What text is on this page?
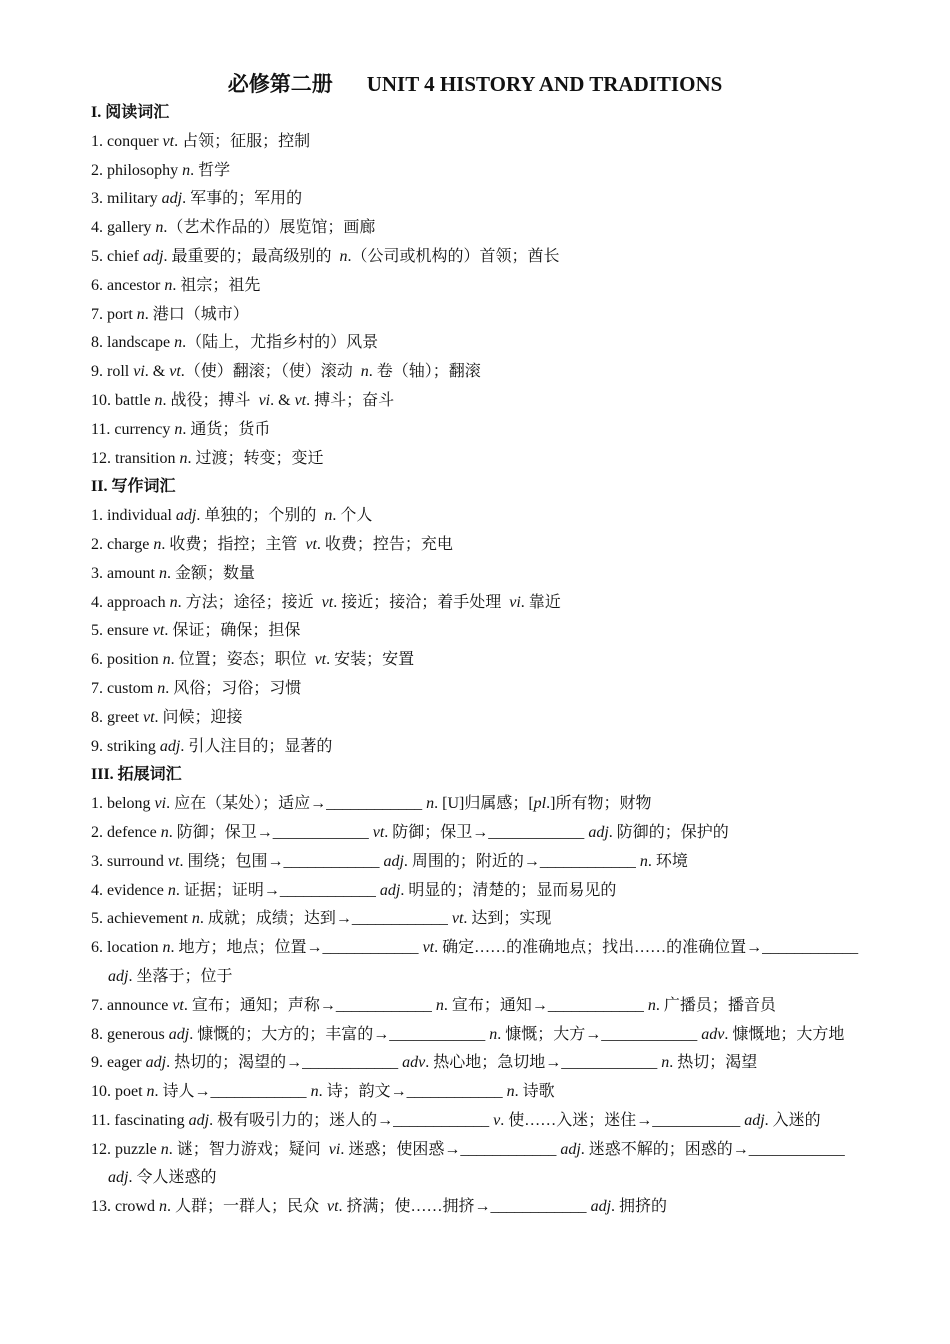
必修第二册 UNIT 4 HISTORY AND TRADITIONS
I. 阅读词汇
1. conquer vt. 占领；征服；控制
2. philosophy n. 哲学
3. military adj. 军事的；军用的
4. gallery n.（艺术作品的）展览馆；画廊
5. chief adj. 最重要的；最高级别的  n.（公司或机构的）首领；酋长
6. ancestor n. 祖宗；祖先
7. port n. 港口（城市）
8. landscape n.（陆上，尤指乡村的）风景
9. roll vi. & vt.（使）翻滚；（使）滚动  n. 卷（轴）；翻滚
10. battle n. 战役；搏斗  vi. & vt. 搏斗；奋斗
11. currency n. 通货；货币
12. transition n. 过渡；转变；变迁
II. 写作词汇
1. individual adj. 单独的；个别的  n. 个人
2. charge n. 收费；指控；主管  vt. 收费；控告；充电
3. amount n. 金额；数量
4. approach n. 方法；途径；接近  vt. 接近；接洽；着手处理  vi. 靠近
5. ensure vt. 保证；确保；担保
6. position n. 位置；姿态；职位  vt. 安装；安置
7. custom n. 风俗；习俗；习惯
8. greet vt. 问候；迎接
9. striking adj. 引人注目的；显著的
III. 拓展词汇
1. belong vi. 应在（某处）；适应→____________ n. [U]归属感；[pl.]所有物；财物
2. defence n. 防御；保卫→____________ vt. 防御；保卫→____________ adj. 防御的；保护的
3. surround vt. 围绕；包围→____________ adj. 周围的；附近的→____________ n. 环境
4. evidence n. 证据；证明→____________ adj. 明显的；清楚的；显而易见的
5. achievement n. 成就；成绩；达到→____________ vt. 达到；实现
6. location n. 地方；地点；位置→____________ vt. 确定……的准确地点；找出……的准确位置→____________ adj. 坐落于；位于
7. announce vt. 宣布；通知；声称→____________ n. 宣布；通知→____________ n. 广播员；播音员
8. generous adj. 慷慨的；大方的；丰富的→____________ n. 慷慨；大方→____________ adv. 慷慨地；大方地
9. eager adj. 热切的；渴望的→____________ adv. 热心地；急切地→____________ n. 热切；渴望
10. poet n. 诗人→____________ n. 诗；韵文→____________ n. 诗歌
11. fascinating adj. 极有吸引力的；迷人的→____________ v. 使……入迷；迷住→___________ adj. 入迷的
12. puzzle n. 谜；智力游戏；疑问  vi. 迷惑；使困惑→____________ adj. 迷惑不解的；困惑的→____________ adj. 令人迷惑的
13. crowd n. 人群；一群人；民众  vt. 挤满；使……拥挤→____________ adj. 拥挤的
